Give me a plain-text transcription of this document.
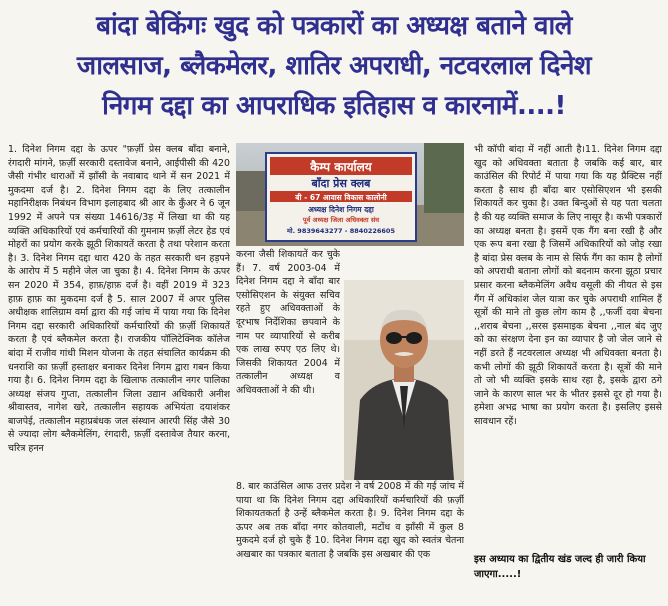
बांदा बेकिंगः खुद को पत्रकारों का अध्यक्ष बताने वाले
जालसाज, ब्लैकमेलर, शातिर अपराधी, नटवरलाल दिनेश
निगम दद्दा का आपराधिक इतिहास व कारनामें....!
1. दिनेश निगम दद्दा के ऊपर "फ़र्ज़ी प्रेस क्लब बाँदा बनाने, रंगदारी मांगने, फ़र्ज़ी सरकारी दस्तावेज बनाने, आईपीसी की 420 जैसी गंभीर धाराओं में झाँसी के नवाबाद थाने में सन 2021 में मुकदमा दर्ज है। 2. दिनेश निगम दद्दा के लिए तत्कालीन महानिरीक्षक निबंधन विभाग इलाहबाद श्री आर के कुँअर ने 6 जून 1992 में अपने पत्र संख्या 14616/3ड़ में लिखा था की यह व्यक्ति अधिकारियों एवं कर्मचारियों की गुमनाम फ़र्ज़ी लेटर हेड एवं मोहरों का प्रयोग करके झूठी शिकायतें करता है तथा परेशान करता है। 3. दिनेश निगम दद्दा धारा 420 के तहत सरकारी धन हड़पने के आरोप में 5 महीने जेल जा चुका है। 4. दिनेश निगम के ऊपर सन 2020 में 354, हाफ़/हाफ़ दर्ज है। वहीं 2019 में 323 हाफ़ हाफ़ का मुकदमा दर्ज है 5. साल 2007 में अपर पुलिस अधीक्षक शालिग्राम वर्मा द्वारा की गई जांच में पाया गया कि दिनेश निगम दद्दा सरकारी अधिकारियों कर्मचारियों की फ़र्ज़ी शिकायतें करता है एवं ब्लैकमेल करता है। राजकीय पॉलिटेक्निक कॉलेज बांदा में राजीव गांधी मिशन योजना के तहत संचालित कार्यक्रम की धनराशि का फ़र्ज़ी हस्ताक्षर बनाकर दिनेश निगम द्वारा गबन किया गया है। 6. दिनेश निगम दद्दा के खिलाफ तत्कालीन नगर पालिका अध्यक्ष संजय गुप्ता, तत्कालीन जिला उद्यान अधिकारी अनीश श्रीवास्तव, नागेश खरे, तत्कालीन सहायक अभियंता दयाशंकर बाजपेई, तत्कालीन महाप्रबंधक जल संस्थान आरपी सिंह जैसे 30 से ज्यादा लोग ब्लैकमेलिंग, रंगदारी, फ़र्ज़ी दस्तावेज तैयार करना, चरित्र हनन
कैम्प कार्यालय
बाँदा प्रेस क्लब
बी - 67 आवास विकास कालोनी
अध्यक्ष दिनेश निगम दद्दा
पूर्व अध्यक्ष जिला अधिवक्ता संघ
मो. 9839643277 - 8840226605
करना जैसी शिकायतें कर चुके हैं। 7. वर्ष 2003-04 में दिनेश निगम दद्दा ने बाँदा बार एसोसिएशन के संयुक्त सचिव रहते हुए अधिवक्ताओं के दूरभाष निर्देशिका छपवाने के नाम पर व्यापारियों से करीब एक लाख रुपए एठ लिए थे। जिसकी शिकायत 2004 में तत्कालीन अध्यक्ष व अधिवक्ताओं ने की थी।
8. बार काउंसिल आफ उत्तर प्रदेश ने वर्ष 2008 में की गई जांच में पाया था कि दिनेश निगम दद्दा अधिकारियों कर्मचारियों की फ़र्ज़ी शिकायतकर्ता है उन्हें ब्लैकमेल करता है। 9. दिनेश निगम दद्दा के ऊपर अब तक बाँदा नगर कोतवाली, मटोंध व झाँसी में कुल 8 मुकदमे दर्ज हो चुके हैं 10. दिनेश निगम दद्दा खुद को स्वतंत्र चेतना अखबार का पत्रकार बताता है जबकि इस अखबार की एक
भी कॉपी बांदा में नहीं आती है।11. दिनेश निगम दद्दा खुद को अधिवक्ता बताता है जबकि कई बार, बार काउंसिल की रिपोर्ट में पाया गया कि यह प्रैक्टिस नहीं करता है साथ ही बाँदा बार एसोसिएशन भी इसकी शिकायतें कर चुका है। उक्त बिन्दुओं से यह पता चलता है की यह व्यक्ति समाज के लिए नासूर है। कभी पत्रकारों का अध्यक्ष बनता है। इसमें एक गैंग बना रखी है और एक रूप बना रखा है जिसमें अधिकारियों को जोड़ रखा है बांदा प्रेस क्लब के नाम से सिर्फ गैंग का काम है लोगों को अपराधी बताना लोगों को बदनाम करना झूठा प्रचार प्रसार करना ब्लैकमेलिंग अवैध वसूली की नीयत से इस गैंग में अधिकांश जेल यात्रा कर चुके अपराधी शामिल हैं सूत्रों की माने तो कुछ लोग काम है ,,फर्जी दवा बेचना ,,शराब बेचना ,,सरस इसमाइक बेचना ,,नाल बंद जुए को का संरक्षण देना इन का व्यापार है जो जेल जाने से नहीं डरते हैं नटवरलाल अध्यक्ष भी अधिवक्ता बनता है। कभी लोगों की झूठी शिकायतें करता है। सूत्रों की माने तो जो भी व्यक्ति इसके साथ रहा है, इसके द्वारा ठगे जाने के कारण साल भर के भीतर इससे दूर हो गया है। हमेशा अभद्र भाषा का प्रयोग करता है। इसलिए इससे सावधान रहें।
इस अध्याय का द्वितीय खंड जल्द ही जारी किया जाएगा.....!
